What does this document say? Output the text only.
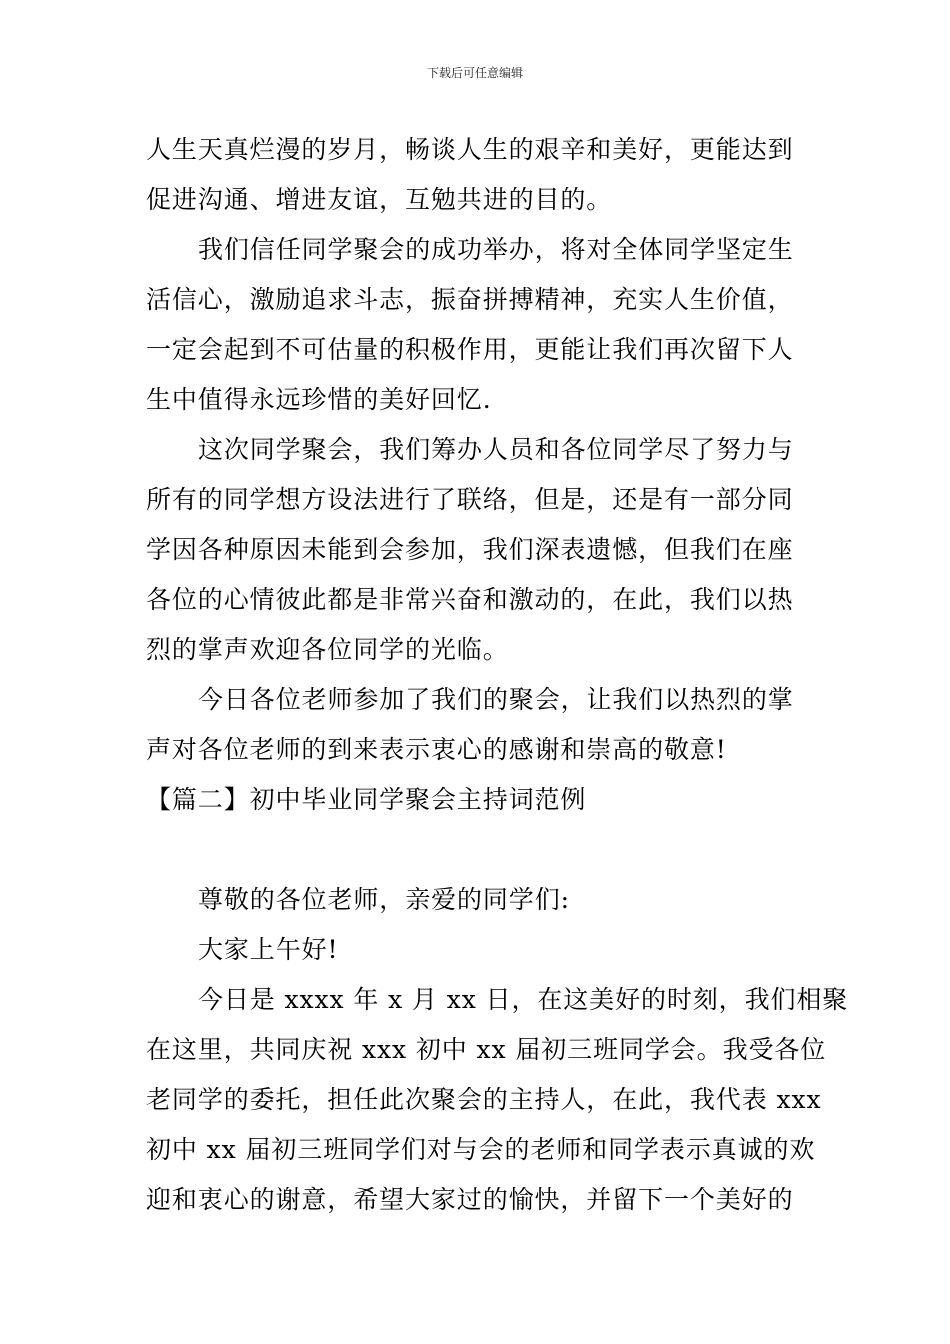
下载后可任意编辑
人生天真烂漫的岁月，畅谈人生的艰辛和美好，更能达到
促进沟通、增进友谊，互勉共进的目的。
我们信任同学聚会的成功举办，将对全体同学坚定生
活信心，激励追求斗志，振奋拼搏精神，充实人生价值，
一定会起到不可估量的积极作用，更能让我们再次留下人
生中值得永远珍惜的美好回忆.
这次同学聚会，我们筹办人员和各位同学尽了努力与
所有的同学想方设法进行了联络，但是，还是有一部分同
学因各种原因未能到会参加，我们深表遗憾，但我们在座
各位的心情彼此都是非常兴奋和激动的，在此，我们以热
烈的掌声欢迎各位同学的光临。
今日各位老师参加了我们的聚会，让我们以热烈的掌
声对各位老师的到来表示衷心的感谢和崇高的敬意!
【篇二】初中毕业同学聚会主持词范例
尊敬的各位老师，亲爱的同学们:
大家上午好!
今日是 xxxx 年 x 月 xx 日，在这美好的时刻，我们相聚
在这里，共同庆祝 xxx 初中 xx 届初三班同学会。我受各位
老同学的委托，担任此次聚会的主持人，在此，我代表 xxx
初中 xx 届初三班同学们对与会的老师和同学表示真诚的欢
迎和衷心的谢意，希望大家过的愉快，并留下一个美好的
